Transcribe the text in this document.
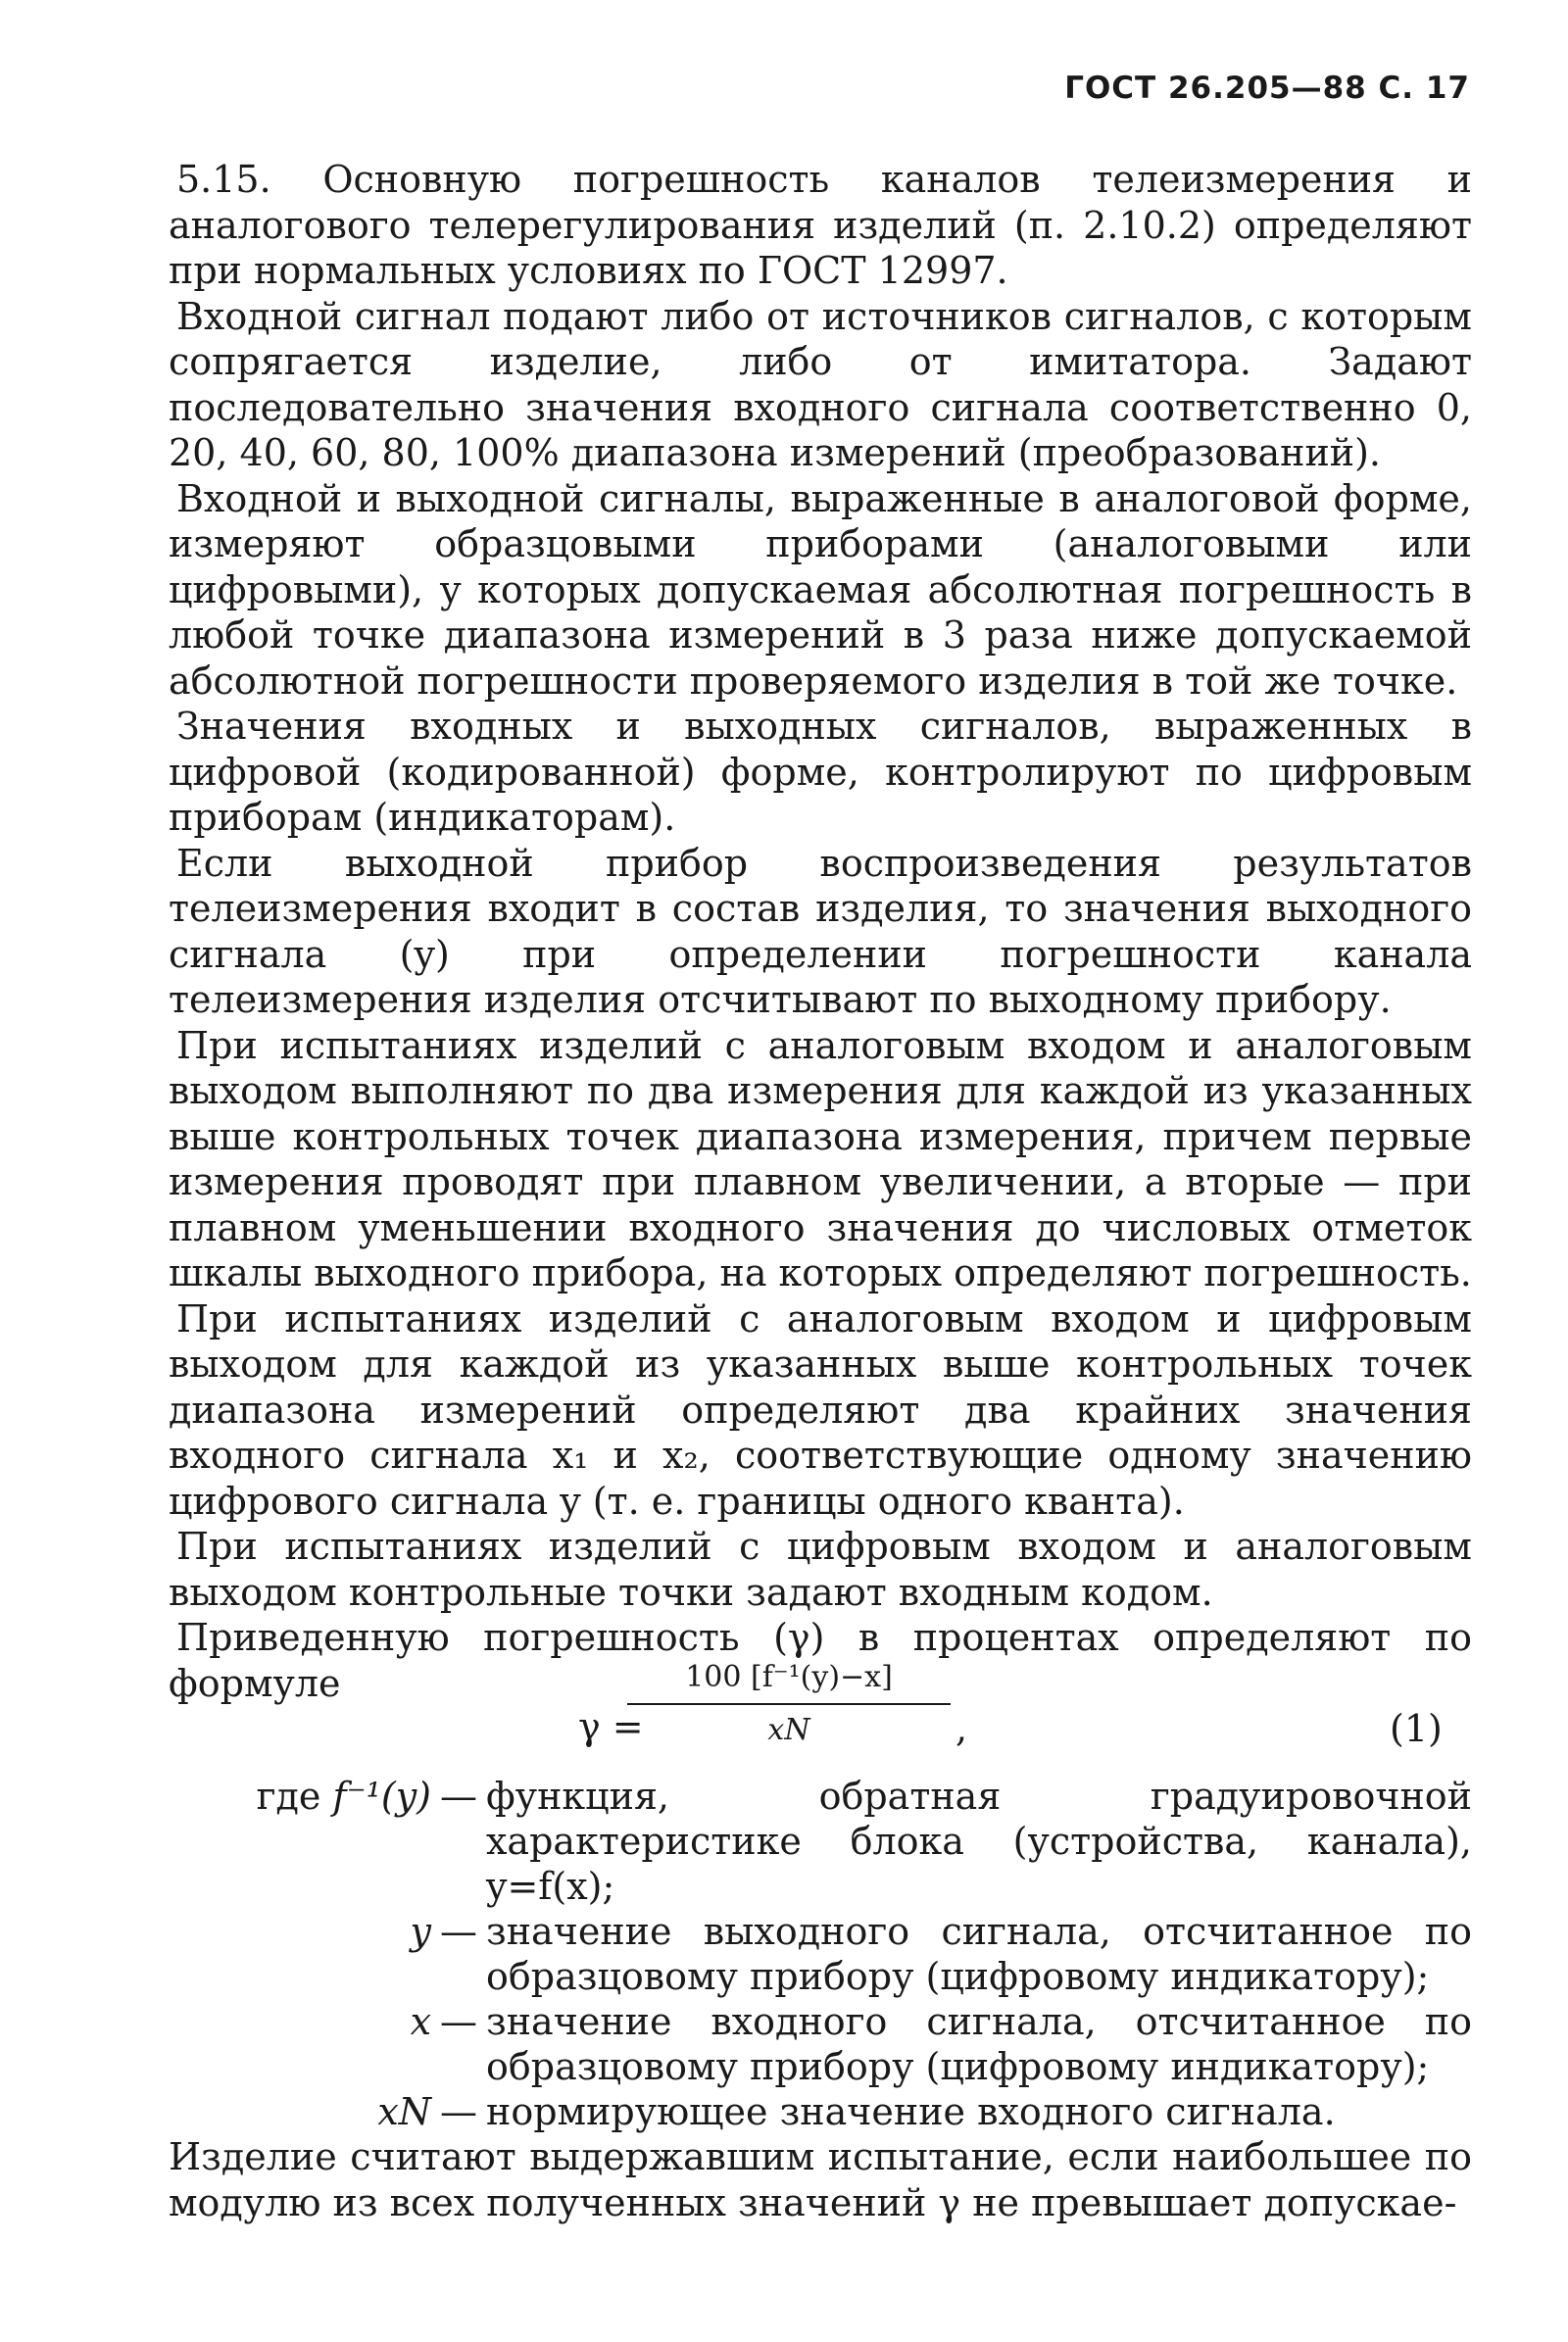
ГОСТ 26.205—88 С. 17

5.15. Основную погрешность каналов телеизмерения и аналогового телерегулирования изделий (п. 2.10.2) определяют при нормальных условиях по ГОСТ 12997.

Входной сигнал подают либо от источников сигналов, с которым сопрягается изделие, либо от имитатора. Задают последовательно значения входного сигнала соответственно 0, 20, 40, 60, 80, 100% диапазона измерений (преобразований).

Входной и выходной сигналы, выраженные в аналоговой форме, измеряют образцовыми приборами (аналоговыми или цифровыми), у которых допускаемая абсолютная погрешность в любой точке диапазона измерений в 3 раза ниже допускаемой абсолютной погрешности проверяемого изделия в той же точке.

Значения входных и выходных сигналов, выраженных в цифровой (кодированной) форме, контролируют по цифровым приборам (индикаторам).

Если выходной прибор воспроизведения результатов телеизмерения входит в состав изделия, то значения выходного сигнала (y) при определении погрешности канала телеизмерения изделия отсчитывают по выходному прибору.

При испытаниях изделий с аналоговым входом и аналоговым выходом выполняют по два измерения для каждой из указанных выше контрольных точек диапазона измерения, причем первые измерения проводят при плавном увеличении, а вторые — при плавном уменьшении входного значения до числовых отметок шкалы выходного прибора, на которых определяют погрешность.

При испытаниях изделий с аналоговым входом и цифровым выходом для каждой из указанных выше контрольных точек диапазона измерений определяют два крайних значения входного сигнала x₁ и x₂, соответствующие одному значению цифрового сигнала y (т. е. границы одного кванта).

При испытаниях изделий с цифровым входом и аналоговым выходом контрольные точки задают входным кодом.

Приведенную погрешность (γ) в процентах определяют по формуле

γ =
$\frac{\text{100 [f⁻¹(y)−x]}}{xN}$ ,	(1)
где f⁻¹(y) — функция, обратная градуировочной характеристике блока (устройства, канала), y=f(x);
y — значение выходного сигнала, отсчитанное по образцовому прибору (цифровому индикатору);
x — значение входного сигнала, отсчитанное по образцовому прибору (цифровому индикатору);
xN — нормирующее значение входного сигнала.
Изделие считают выдержавшим испытание, если наибольшее по модулю из всех полученных значений γ не превышает допускае-
